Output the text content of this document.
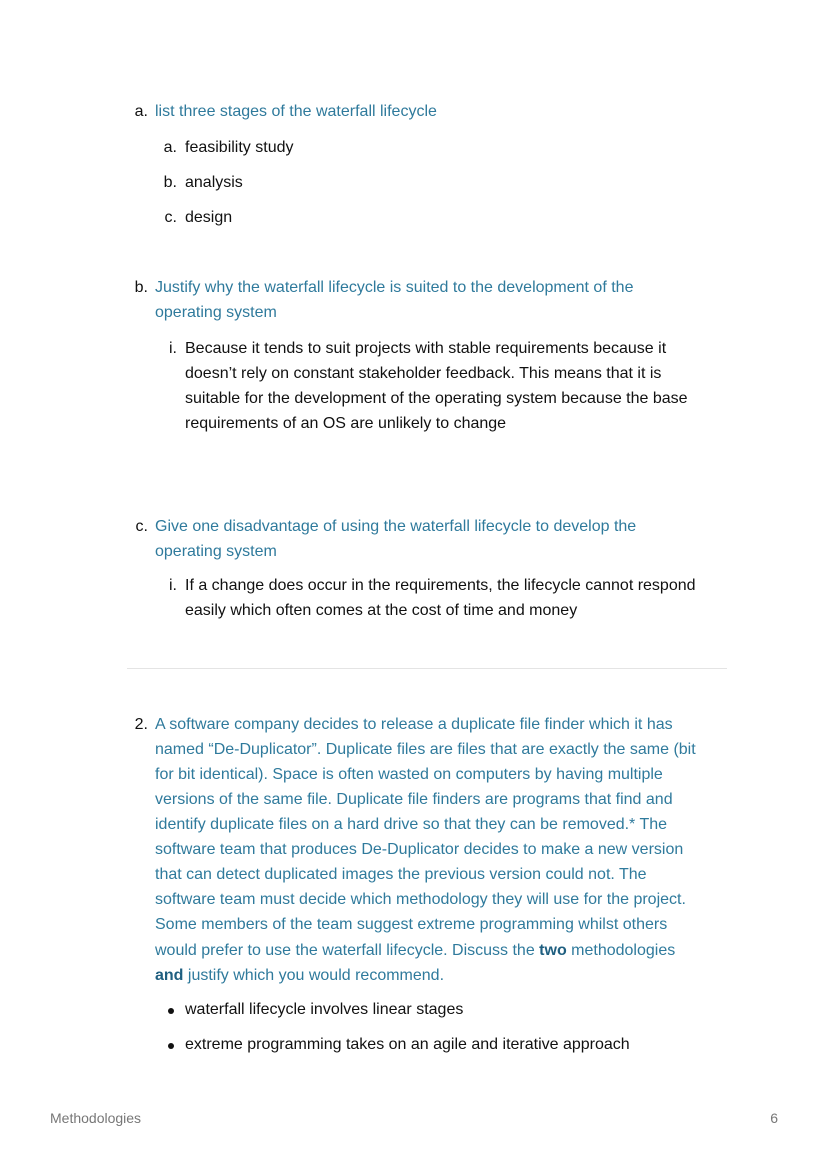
a. list three stages of the waterfall lifecycle
a. feasibility study
b. analysis
c. design
b. Justify why the waterfall lifecycle is suited to the development of the
operating system
i. Because it tends to suit projects with stable requirements because it
doesn’t rely on constant stakeholder feedback. This means that it is
suitable for the development of the operating system because the base
requirements of an OS are unlikely to change
c. Give one disadvantage of using the waterfall lifecycle to develop the
operating system
i. If a change does occur in the requirements, the lifecycle cannot respond
easily which often comes at the cost of time and money
2. A software company decides to release a duplicate file finder which it has
named “De-Duplicator”. Duplicate files are files that are exactly the same (bit
for bit identical). Space is often wasted on computers by having multiple
versions of the same file. Duplicate file finders are programs that find and
identify duplicate files on a hard drive so that they can be removed.* The
software team that produces De-Duplicator decides to make a new version
that can detect duplicated images the previous version could not. The
software team must decide which methodology they will use for the project.
Some members of the team suggest extreme programming whilst others
would prefer to use the waterfall lifecycle. Discuss the two methodologies
and justify which you would recommend.
waterfall lifecycle involves linear stages
extreme programming takes on an agile and iterative approach
Methodologies	6
